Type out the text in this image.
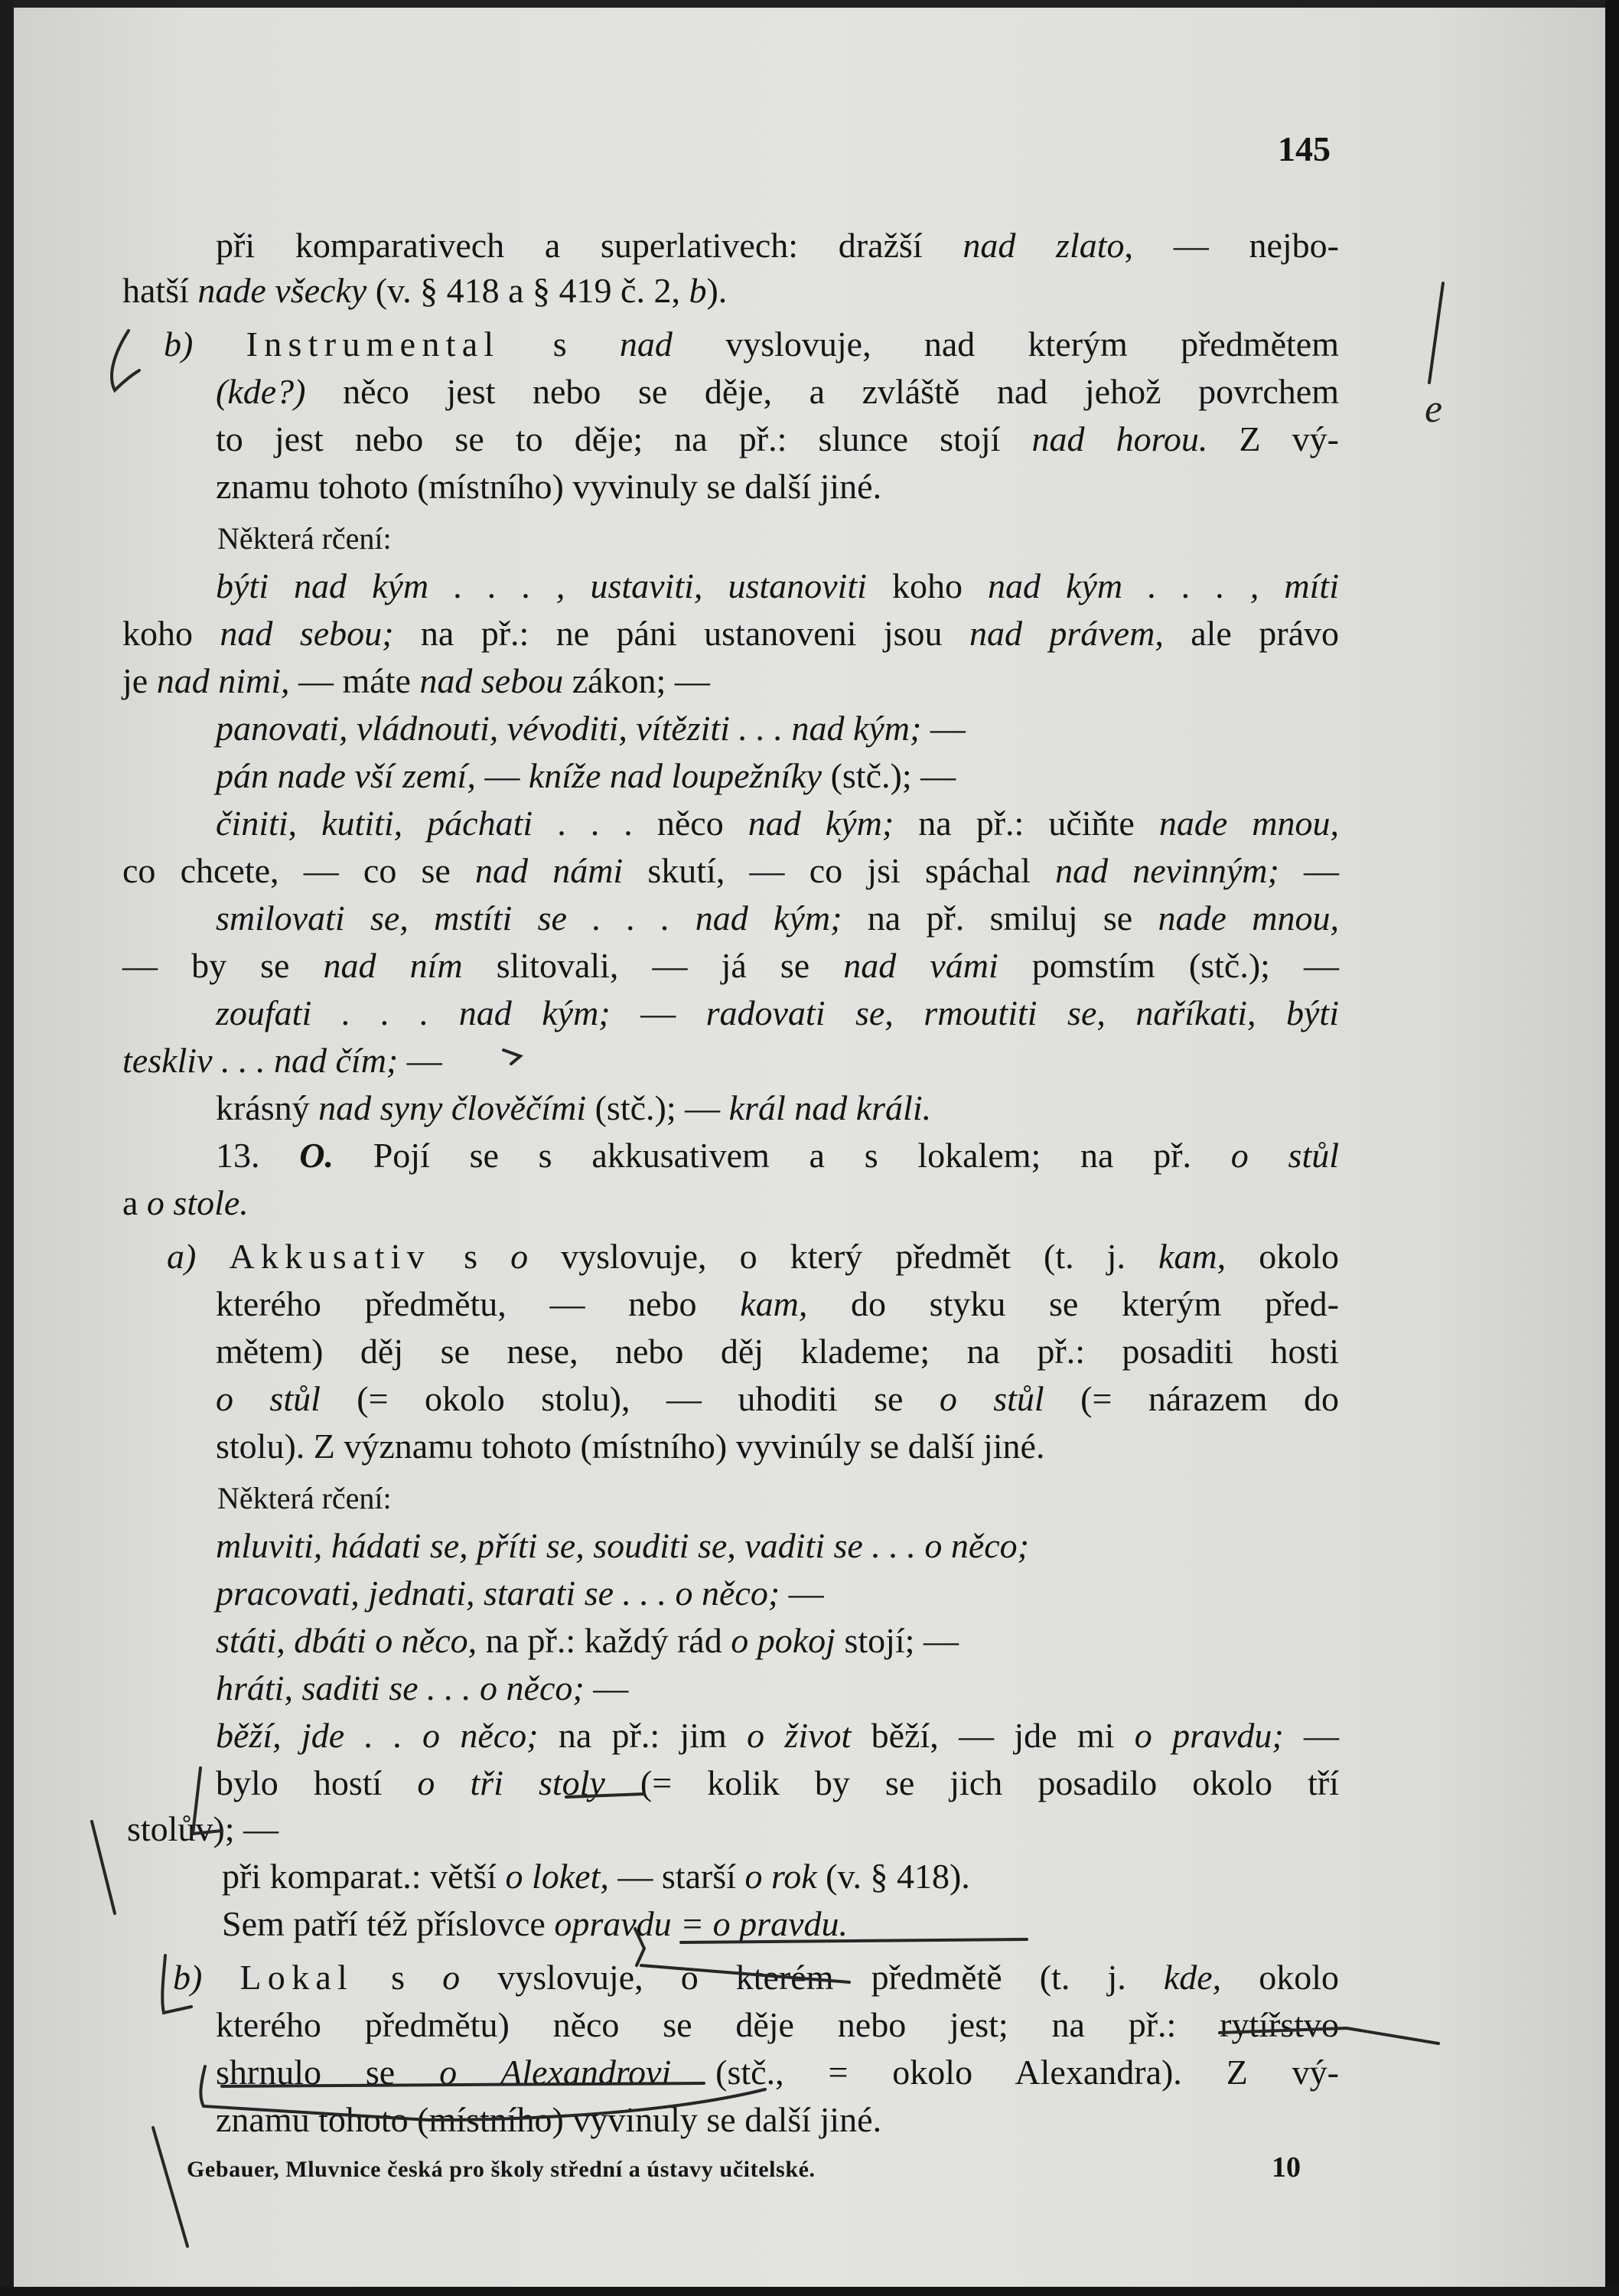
145
při komparativech a superlativech: dražší nad zlato, — nejbo-
hatší nade všecky (v. § 418 a § 419 č. 2, b).
b) Instrumental s nad vyslovuje, nad kterým předmětem
(kde?) něco jest nebo se děje, a zvláště nad jehož povrchem
to jest nebo se to děje; na př.: slunce stojí nad horou. Z vý-
znamu tohoto (místního) vyvinuly se další jiné.
Některá rčení:
býti nad kým . . . , ustaviti, ustanoviti koho nad kým . . . , míti
koho nad sebou; na př.: ne páni ustanoveni jsou nad právem, ale právo
je nad nimi, — máte nad sebou zákon; —
panovati, vládnouti, vévoditi, vítěziti . . . nad kým; —
pán nade vší zemí, — kníže nad loupežníky (stč.); —
činiti, kutiti, páchati . . . něco nad kým; na př.: učiňte nade mnou,
co chcete, — co se nad námi skutí, — co jsi spáchal nad nevinným; —
smilovati se, mstíti se . . . nad kým; na př. smiluj se nade mnou,
— by se nad ním slitovali, — já se nad vámi pomstím (stč.); —
zoufati . . . nad kým; — radovati se, rmoutiti se, naříkati, býti
teskliv . . . nad čím; —
krásný nad syny člověčími (stč.); — král nad králi.
13. O. Pojí se s akkusativem a s lokalem; na př. o stůl
a o stole.
a) Akkusativ s o vyslovuje, o který předmět (t. j. kam, okolo
kterého předmětu, — nebo kam, do styku se kterým před-
mětem) děj se nese, nebo děj klademe; na př.: posaditi hosti
o stůl (= okolo stolu), — uhoditi se o stůl (= nárazem do
stolu). Z významu tohoto (místního) vyvinúly se další jiné.
Některá rčení:
mluviti, hádati se, příti se, souditi se, vaditi se . . . o něco;
pracovati, jednati, starati se . . . o něco; —
státi, dbáti o něco, na př.: každý rád o pokoj stojí; —
hráti, saditi se . . . o něco; —
běží, jde . . o něco; na př.: jim o život běží, — jde mi o pravdu; —
bylo hostí o tři stoly (= kolik by se jich posadilo okolo tří
stolův); —
při komparat.: větší o loket, — starší o rok (v. § 418).
Sem patří též příslovce opravdu = o pravdu.
b) Lokal s o vyslovuje, o kterém předmětě (t. j. kde, okolo
kterého předmětu) něco se děje nebo jest; na př.: rytířstvo
shrnulo se o Alexandrovi (stč., = okolo Alexandra). Z vý-
znamu tohoto (místního) vyvinuly se další jiné.
Gebauer, Mluvnice česká pro školy střední a ústavy učitelské.	10
e
